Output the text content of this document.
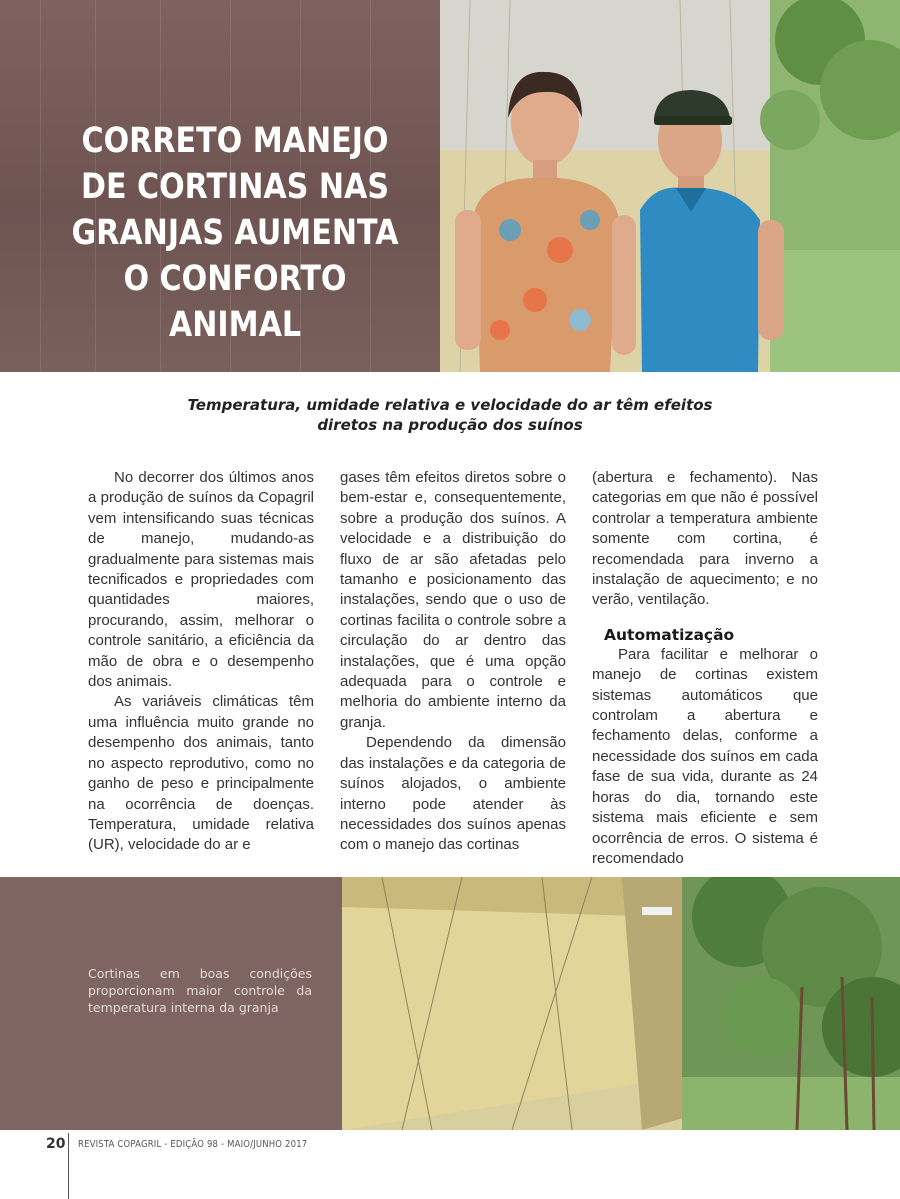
CORRETO MANEJO DE CORTINAS NAS GRANJAS AUMENTA O CONFORTO ANIMAL
Temperatura, umidade relativa e velocidade do ar têm efeitos
diretos na produção dos suínos

No decorrer dos últimos anos a produção de suínos da Copagril vem intensificando suas técnicas de manejo, mudando-as gradualmente para sistemas mais tecnificados e propriedades com quantidades maiores, procurando, assim, melhorar o controle sanitário, a eficiência da mão de obra e o desempenho dos animais.

As variáveis climáticas têm uma influência muito grande no desempenho dos animais, tanto no aspecto reprodutivo, como no ganho de peso e principalmente na ocorrência de doenças. Temperatura, umidade relativa (UR), velocidade do ar e

gases têm efeitos diretos sobre o bem-estar e, consequentemente, sobre a produção dos suínos. A velocidade e a distribuição do fluxo de ar são afetadas pelo tamanho e posicionamento das instalações, sendo que o uso de cortinas facilita o controle sobre a circulação do ar dentro das instalações, que é uma opção adequada para o controle e melhoria do ambiente interno da granja.

Dependendo da dimensão das instalações e da categoria de suínos alojados, o ambiente interno pode atender às necessidades dos suínos apenas com o manejo das cortinas

(abertura e fechamento). Nas categorias em que não é possível controlar a temperatura ambiente somente com cortina, é recomendada para inverno a instalação de aquecimento; e no verão, ventilação.

Automatização

Para facilitar e melhorar o manejo de cortinas existem sistemas automáticos que controlam a abertura e fechamento delas, conforme a necessidade dos suínos em cada fase de sua vida, durante as 24 horas do dia, tornando este sistema mais eficiente e sem ocorrência de erros. O sistema é recomendado

Cortinas em boas condições proporcionam maior controle da temperatura interna da granja
20 REVISTA COPAGRIL - EDIÇÃO 98 - MAIO/JUNHO 2017
